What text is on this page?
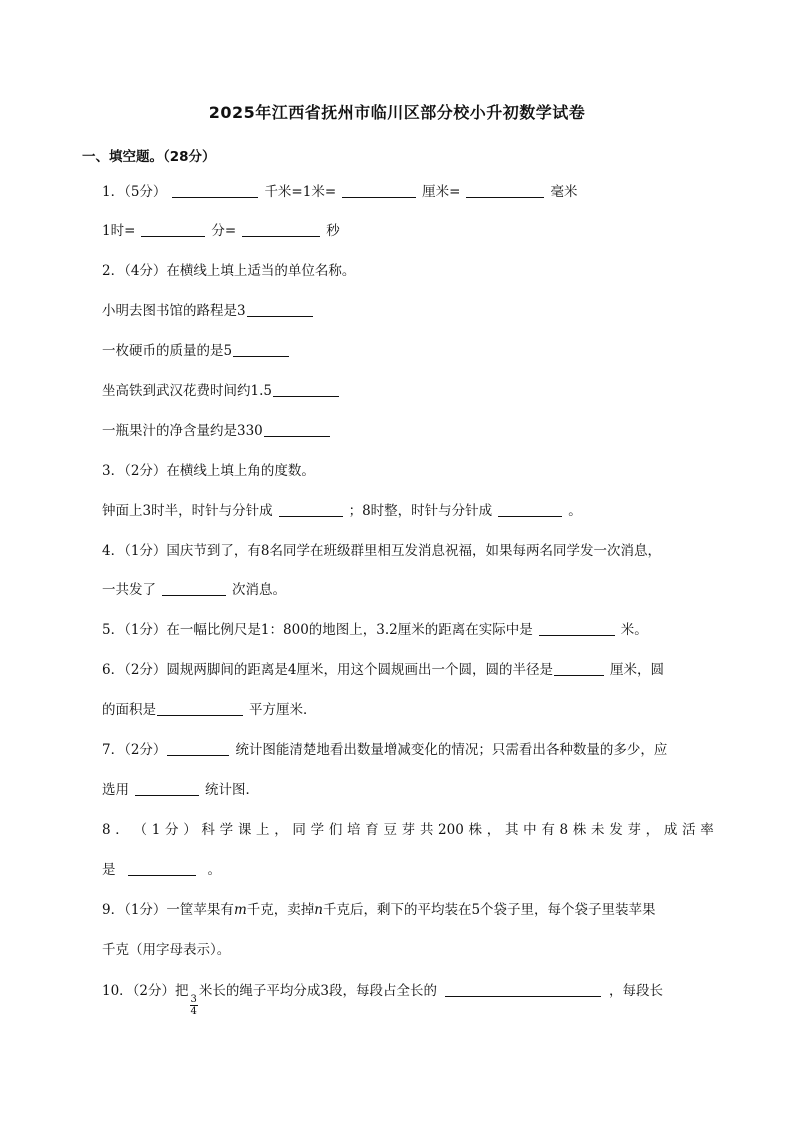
2025年江西省抚州市临川区部分校小升初数学试卷
一、填空题。（28分）
1．（5分）	千米=1米=	厘米=	毫米
1时=	分=	秒
2．（4分）在横线上填上适当的单位名称。
小明去图书馆的路程是3
一枚硬币的质量的是5
坐高铁到武汉花费时间约1.5
一瓶果汁的净含量约是330
3．（2分）在横线上填上角的度数。
钟面上3时半，时针与分针成	；8时整，时针与分针成	。
4．（1分）国庆节到了，有8名同学在班级群里相互发消息祝福，如果每两名同学发一次消息，
一共发了	次消息。
5．（1分）在一幅比例尺是1：800的地图上，3.2厘米的距离在实际中是	米。
6．（2分）圆规两脚间的距离是4厘米，用这个圆规画出一个圆，圆的半径是	厘米，圆
的面积是	平方厘米．
7．（2分）	统计图能清楚地看出数量增减变化的情况；只需看出各种数量的多少，应
选用	统计图．
8 ． （ 1 分 ） 科 学 课 上 ， 同 学 们 培 育 豆 芽 共 200 株 ， 其 中 有 8 株 未 发 芽 ， 成 活 率
是	。
9．（1分）一筐苹果有m千克，卖掉n千克后，剩下的平均装在5个袋子里，每个袋子里装苹果
千克（用字母表示）。
10．（2分）把
$\frac{3}{4}$
米长的绳子平均分成3段，每段占全长的	，每段长
